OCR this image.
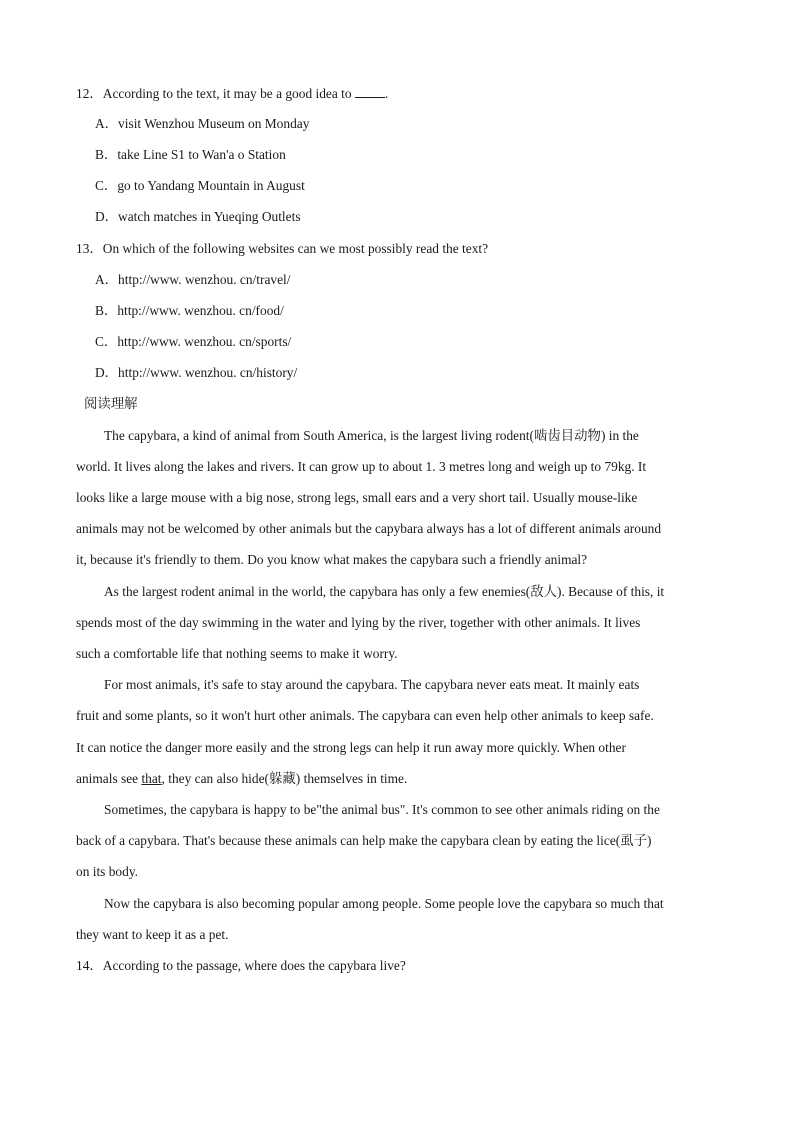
12．According to the text, it may be a good idea to .
A．visit Wenzhou Museum on Monday
B．take Line S1 to Wan'a o Station
C．go to Yandang Mountain in August
D．watch matches in Yueqing Outlets
13．On which of the following websites can we most possibly read the text?
A．http://www. wenzhou. cn/travel/
B．http://www. wenzhou. cn/food/
C．http://www. wenzhou. cn/sports/
D．http://www. wenzhou. cn/history/
阅读理解
The capybara, a kind of animal from South America, is the largest living rodent(啮齿目动物) in the
world. It lives along the lakes and rivers. It can grow up to about 1. 3 metres long and weigh up to 79kg. It
looks like a large mouse with a big nose, strong legs, small ears and a very short tail. Usually mouse-like
animals may not be welcomed by other animals but the capybara always has a lot of different animals around
it, because it's friendly to them. Do you know what makes the capybara such a friendly animal?
As the largest rodent animal in the world, the capybara has only a few enemies(敌人). Because of this, it
spends most of the day swimming in the water and lying by the river, together with other animals. It lives
such a comfortable life that nothing seems to make it worry.
For most animals, it's safe to stay around the capybara. The capybara never eats meat. It mainly eats
fruit and some plants, so it won't hurt other animals. The capybara can even help other animals to keep safe.
It can notice the danger more easily and the strong legs can help it run away more quickly. When other
animals see that, they can also hide(躲藏) themselves in time.
Sometimes, the capybara is happy to be"the animal bus". It's common to see other animals riding on the
back of a capybara. That's because these animals can help make the capybara clean by eating the lice(虱子)
on its body.
Now the capybara is also becoming popular among people. Some people love the capybara so much that
they want to keep it as a pet.
14．According to the passage, where does the capybara live?
